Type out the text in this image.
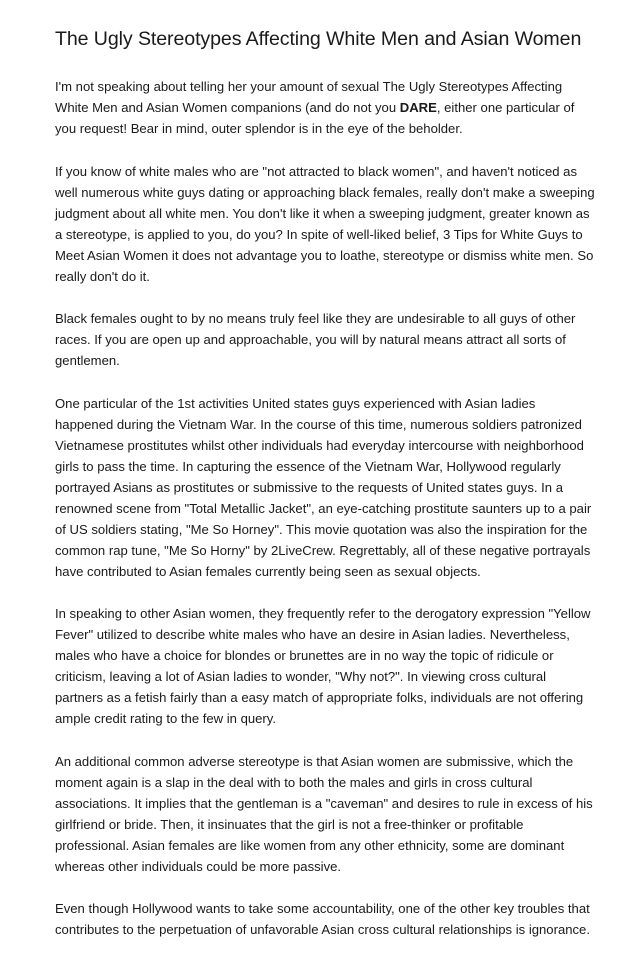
The Ugly Stereotypes Affecting White Men and Asian Women

I'm not speaking about telling her your amount of sexual The Ugly Stereotypes Affecting White Men and Asian Women companions (and do not you DARE, either one particular of you request! Bear in mind, outer splendor is in the eye of the beholder.

If you know of white males who are "not attracted to black women", and haven't noticed as well numerous white guys dating or approaching black females, really don't make a sweeping judgment about all white men. You don't like it when a sweeping judgment, greater known as a stereotype, is applied to you, do you? In spite of well-liked belief, 3 Tips for White Guys to Meet Asian Women it does not advantage you to loathe, stereotype or dismiss white men. So really don't do it.

Black females ought to by no means truly feel like they are undesirable to all guys of other races. If you are open up and approachable, you will by natural means attract all sorts of gentlemen.

One particular of the 1st activities United states guys experienced with Asian ladies happened during the Vietnam War. In the course of this time, numerous soldiers patronized Vietnamese prostitutes whilst other individuals had everyday intercourse with neighborhood girls to pass the time. In capturing the essence of the Vietnam War, Hollywood regularly portrayed Asians as prostitutes or submissive to the requests of United states guys. In a renowned scene from "Total Metallic Jacket", an eye-catching prostitute saunters up to a pair of US soldiers stating, "Me So Horney". This movie quotation was also the inspiration for the common rap tune, "Me So Horny" by 2LiveCrew. Regrettably, all of these negative portrayals have contributed to Asian females currently being seen as sexual objects.

In speaking to other Asian women, they frequently refer to the derogatory expression "Yellow Fever" utilized to describe white males who have an desire in Asian ladies. Nevertheless, males who have a choice for blondes or brunettes are in no way the topic of ridicule or criticism, leaving a lot of Asian ladies to wonder, "Why not?". In viewing cross cultural partners as a fetish fairly than a easy match of appropriate folks, individuals are not offering ample credit rating to the few in query.

An additional common adverse stereotype is that Asian women are submissive, which the moment again is a slap in the deal with to both the males and girls in cross cultural associations. It implies that the gentleman is a "caveman" and desires to rule in excess of his girlfriend or bride. Then, it insinuates that the girl is not a free-thinker or profitable professional. Asian females are like women from any other ethnicity, some are dominant whereas other individuals could be more passive.

Even though Hollywood wants to take some accountability, one of the other key troubles that contributes to the perpetuation of unfavorable Asian cross cultural relationships is ignorance.
